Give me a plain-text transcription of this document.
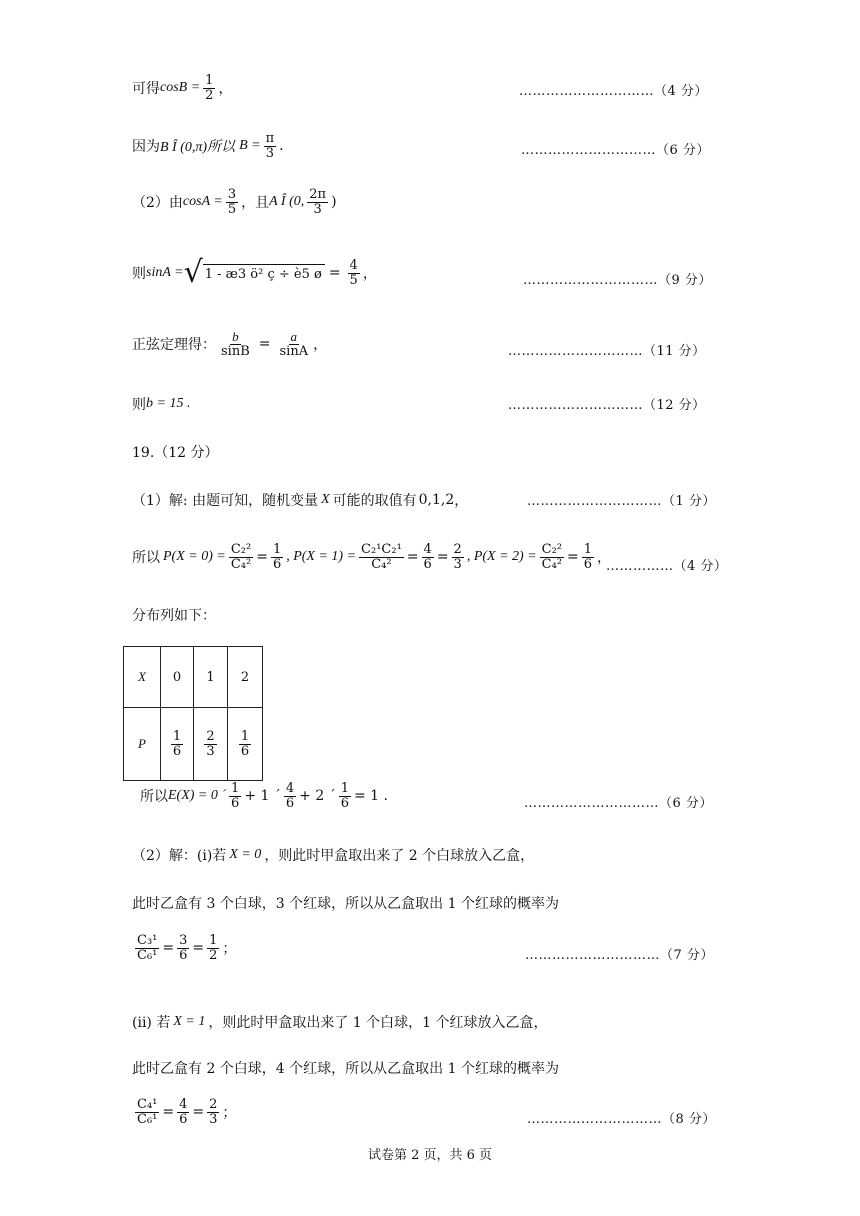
可得 $\cos B = \frac{1}{2}$ ，	…………………………（4 分）
因为 B Î (0,π)所以 $B = \frac{\pi}{3}$ .	…………………………（6 分）
（2）由 $\cos A = \frac{3}{5}$ ，且 A Î (0, $\frac{2\pi}{3}$ )
则 sinA = √ 1 - æ3 ö² ç ÷ è5 ø = $\frac{4}{5}$ ，	…………………………（9 分）
正弦定理得： $\frac{b}{\sin B} = \frac{a}{\sin A}$ ，	…………………………（11 分）
则 b = 15 .	…………………………（12 分）
19.（12 分）
（1）解: 由题可知，随机变量 X 可能的取值有 0,1,2 ，	…………………………（1 分）
所以 $P(X = 0) = \frac{\text{C₂²}}{\text{C₄²}} = \frac{1}{6}$ , $P(X = 1) = \frac{\text{C₂¹C₂¹}}{\text{C₄²}} = \frac{4}{6} = \frac{2}{3}$ , $P(X = 2) = \frac{\text{C₂²}}{\text{C₄²}} = \frac{1}{6}$ ，
……………（4 分）
分布列如下：
X	0	1	2
P	$\frac{1}{6}$	$\frac{2}{3}$	$\frac{1}{6}$
所以 E(X) = 0 ´ $\frac{1}{6} + 1$ ´ $\frac{4}{6} + 2$ ´ $\frac{1}{6} = 1$ .	…………………………（6 分）
（2）解：(i)若 X = 0 ，则此时甲盒取出来了 2 个白球放入乙盒，
此时乙盒有 3 个白球，3 个红球，所以从乙盒取出 1 个红球的概率为
$\frac{\text{C₃¹}}{\text{C₆¹}} = \frac{3}{6} = \frac{1}{2}$ ；	…………………………（7 分）
(ii) 若 X = 1 ，则此时甲盒取出来了 1 个白球，1 个红球放入乙盒，
此时乙盒有 2 个白球，4 个红球，所以从乙盒取出 1 个红球的概率为
$\frac{\text{C₄¹}}{\text{C₆¹}} = \frac{4}{6} = \frac{2}{3}$ ；	…………………………（8 分）
试卷第 2 页，共 6 页
